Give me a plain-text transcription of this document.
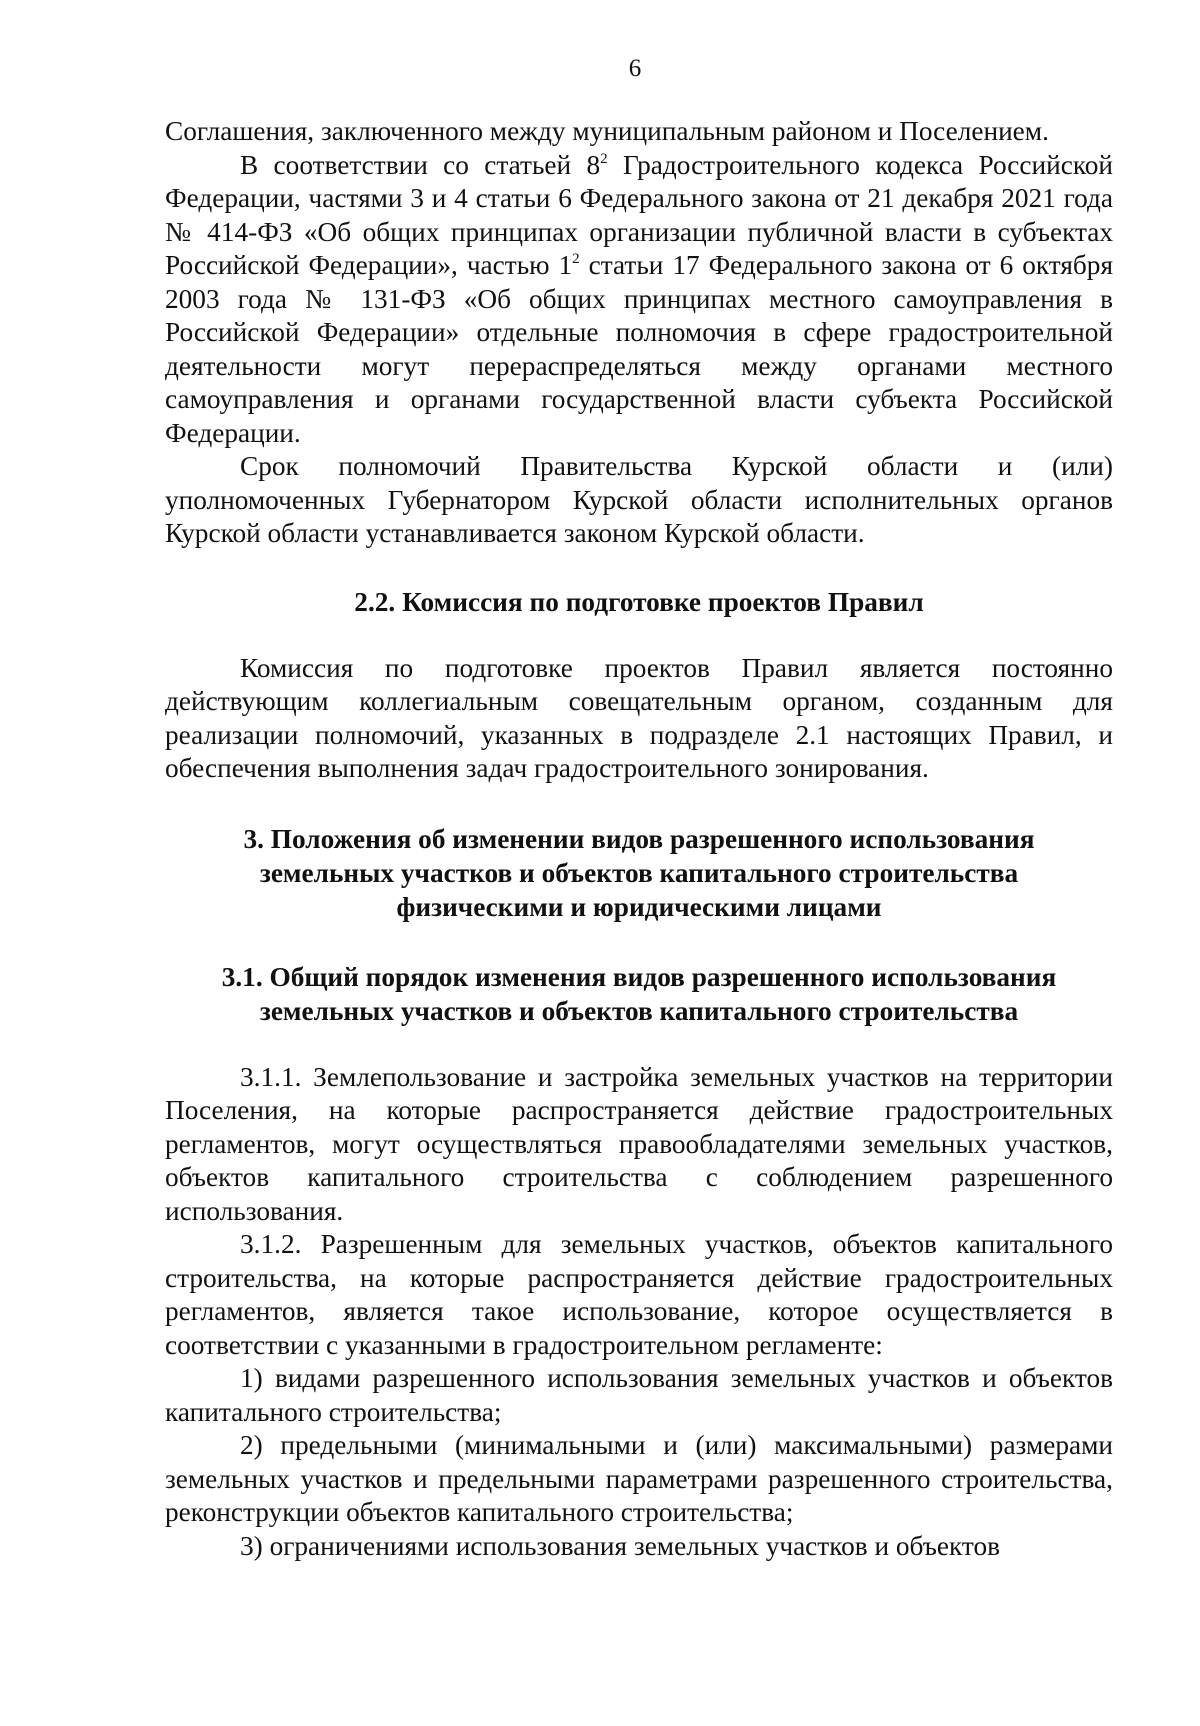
6

Соглашения, заключенного между муниципальным районом и Поселением.

В соответствии со статьей $8^2$ Градостроительного кодекса Российской Федерации, частями 3 и 4 статьи 6 Федерального закона от 21 декабря 2021 года № 414-ФЗ «Об общих принципах организации публичной власти в субъектах Российской Федерации», частью $1^2$ статьи 17 Федерального закона от 6 октября 2003 года № 131-ФЗ «Об общих принципах местного самоуправления в Российской Федерации» отдельные полномочия в сфере градостроительной деятельности могут перераспределяться между органами местного самоуправления и органами государственной власти субъекта Российской Федерации.

Срок полномочий Правительства Курской области и (или) уполномоченных Губернатором Курской области исполнительных органов Курской области устанавливается законом Курской области.

2.2. Комиссия по подготовке проектов Правил

Комиссия по подготовке проектов Правил является постоянно действующим коллегиальным совещательным органом, созданным для реализации полномочий, указанных в подразделе 2.1 настоящих Правил, и обеспечения выполнения задач градостроительного зонирования.

3. Положения об изменении видов разрешенного использования
земельных участков и объектов капитального строительства
физическими и юридическими лицами
3.1. Общий порядок изменения видов разрешенного использования
земельных участков и объектов капитального строительства

3.1.1. Землепользование и застройка земельных участков на территории Поселения, на которые распространяется действие градостроительных регламентов, могут осуществляться правообладателями земельных участков, объектов капитального строительства с соблюдением разрешенного использования.

3.1.2. Разрешенным для земельных участков, объектов капитального строительства, на которые распространяется действие градостроительных регламентов, является такое использование, которое осуществляется в соответствии с указанными в градостроительном регламенте:

1) видами разрешенного использования земельных участков и объектов капитального строительства;

2) предельными (минимальными и (или) максимальными) размерами земельных участков и предельными параметрами разрешенного строительства, реконструкции объектов капитального строительства;

3) ограничениями использования земельных участков и объектов
